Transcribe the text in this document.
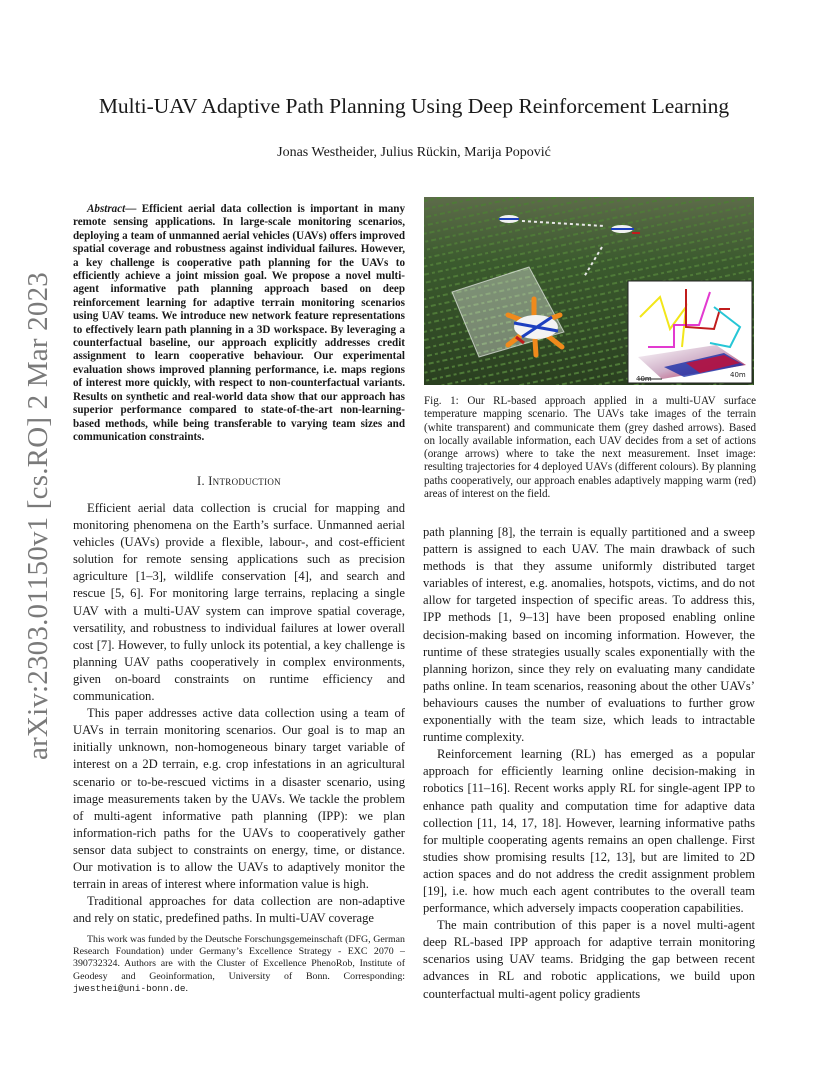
arXiv:2303.01150v1 [cs.RO] 2 Mar 2023
Multi-UAV Adaptive Path Planning Using Deep Reinforcement Learning
Jonas Westheider, Julius Rückin, Marija Popović
Abstract— Efficient aerial data collection is important in many remote sensing applications. In large-scale monitoring scenarios, deploying a team of unmanned aerial vehicles (UAVs) offers improved spatial coverage and robustness against individual failures. However, a key challenge is cooperative path planning for the UAVs to efficiently achieve a joint mission goal. We propose a novel multi-agent informative path planning approach based on deep reinforcement learning for adaptive terrain monitoring scenarios using UAV teams. We introduce new network feature representations to effectively learn path planning in a 3D workspace. By leveraging a counterfactual baseline, our approach explicitly addresses credit assignment to learn cooperative behaviour. Our experimental evaluation shows improved planning performance, i.e. maps regions of interest more quickly, with respect to non-counterfactual variants. Results on synthetic and real-world data show that our approach has superior performance compared to state-of-the-art non-learning-based methods, while being transferable to varying team sizes and communication constraints.
I. Introduction

Efficient aerial data collection is crucial for mapping and monitoring phenomena on the Earth’s surface. Unmanned aerial vehicles (UAVs) provide a flexible, labour-, and cost-efficient solution for remote sensing applications such as precision agriculture [1–3], wildlife conservation [4], and search and rescue [5, 6]. For monitoring large terrains, replacing a single UAV with a multi-UAV system can improve spatial coverage, versatility, and robustness to individual failures at lower overall cost [7]. However, to fully unlock its potential, a key challenge is planning UAV paths cooperatively in complex environments, given on-board constraints on runtime efficiency and communication.

This paper addresses active data collection using a team of UAVs in terrain monitoring scenarios. Our goal is to map an initially unknown, non-homogeneous binary target variable of interest on a 2D terrain, e.g. crop infestations in an agricultural scenario or to-be-rescued victims in a disaster scenario, using image measurements taken by the UAVs. We tackle the problem of multi-agent informative path planning (IPP): we plan information-rich paths for the UAVs to cooperatively gather sensor data subject to constraints on energy, time, or distance. Our motivation is to allow the UAVs to adaptively monitor the terrain in areas of interest where information value is high.

Traditional approaches for data collection are non-adaptive and rely on static, predefined paths. In multi-UAV coverage

This work was funded by the Deutsche Forschungsgemeinschaft (DFG, German Research Foundation) under Germany’s Excellence Strategy - EXC 2070 – 390732324. Authors are with the Cluster of Excellence PhenoRob, Institute of Geodesy and Geoinformation, University of Bonn. Corresponding: jwesthei@uni-bonn.de.
40m	40m
Fig. 1: Our RL-based approach applied in a multi-UAV surface temperature mapping scenario. The UAVs take images of the terrain (white transparent) and communicate them (grey dashed arrows). Based on locally available information, each UAV decides from a set of actions (orange arrows) where to take the next measurement. Inset image: resulting trajectories for 4 deployed UAVs (different colours). By planning paths cooperatively, our approach enables adaptively mapping warm (red) areas of interest on the field.

path planning [8], the terrain is equally partitioned and a sweep pattern is assigned to each UAV. The main drawback of such methods is that they assume uniformly distributed target variables of interest, e.g. anomalies, hotspots, victims, and do not allow for targeted inspection of specific areas. To address this, IPP methods [1, 9–13] have been proposed enabling online decision-making based on incoming information. However, the runtime of these strategies usually scales exponentially with the planning horizon, since they rely on evaluating many candidate paths online. In team scenarios, reasoning about the other UAVs’ behaviours causes the number of evaluations to further grow exponentially with the team size, which leads to intractable runtime complexity.

Reinforcement learning (RL) has emerged as a popular approach for efficiently learning online decision-making in robotics [11–16]. Recent works apply RL for single-agent IPP to enhance path quality and computation time for adaptive data collection [11, 14, 17, 18]. However, learning informative paths for multiple cooperating agents remains an open challenge. First studies show promising results [12, 13], but are limited to 2D action spaces and do not address the credit assignment problem [19], i.e. how much each agent contributes to the overall team performance, which adversely impacts cooperation capabilities.

The main contribution of this paper is a novel multi-agent deep RL-based IPP approach for adaptive terrain monitoring scenarios using UAV teams. Bridging the gap between recent advances in RL and robotic applications, we build upon counterfactual multi-agent policy gradients
